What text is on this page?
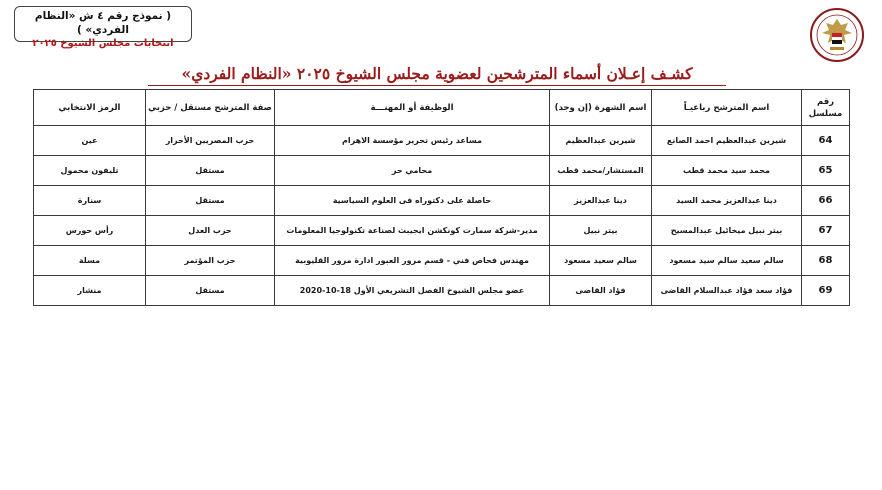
( نموذج رقم ٤ ش «النظام الفردي» )
انتخابات مجلس الشيوخ ٢٠٢٥
كشـف إعـلان أسماء المترشحين لعضوية مجلس الشيوخ ٢٠٢٥ «النظام الفردي»
رقم مسلسل	اسم المترشح رباعيـاً	اسم الشهرة (إن وجد)	الوظيفة أو المهنـــة	صفة المترشح مستقل / حزبي	الرمز الانتخابي
64	شيرين عبدالعظيم احمد الصانع	شيرين عبدالعظيم	مساعد رئيس تحرير مؤسسة الاهرام	حزب المصريين الأحرار	عين
65	محمد سيد محمد قطب	المستشار/محمد قطب	محامي حر	مستقل	تليفون محمول
66	دينا عبدالعزيز محمد السيد	دينا عبدالعزيز	حاصلة على دكتوراه فى العلوم السياسية	مستقل	سنارة
67	بيتر نبيل ميخائيل عبدالمسيح	بيتر نبيل	مدير-شركة سمارت كونكشن ايجيبت لصناعة تكنولوجيا المعلومات	حزب العدل	رأس حورس
68	سالم سعيد سالم سيد مسعود	سالم سعيد مسعود	مهندس فحاص فني - قسم مرور العبور ادارة مرور القليوبية	حزب المؤتمر	مسلة
69	فؤاد سعد فؤاد عبدالسلام القاضى	فؤاد القاضى	عضو مجلس الشيوخ الفصل التشريعي الأول 18-10-2020	مستقل	منشار
